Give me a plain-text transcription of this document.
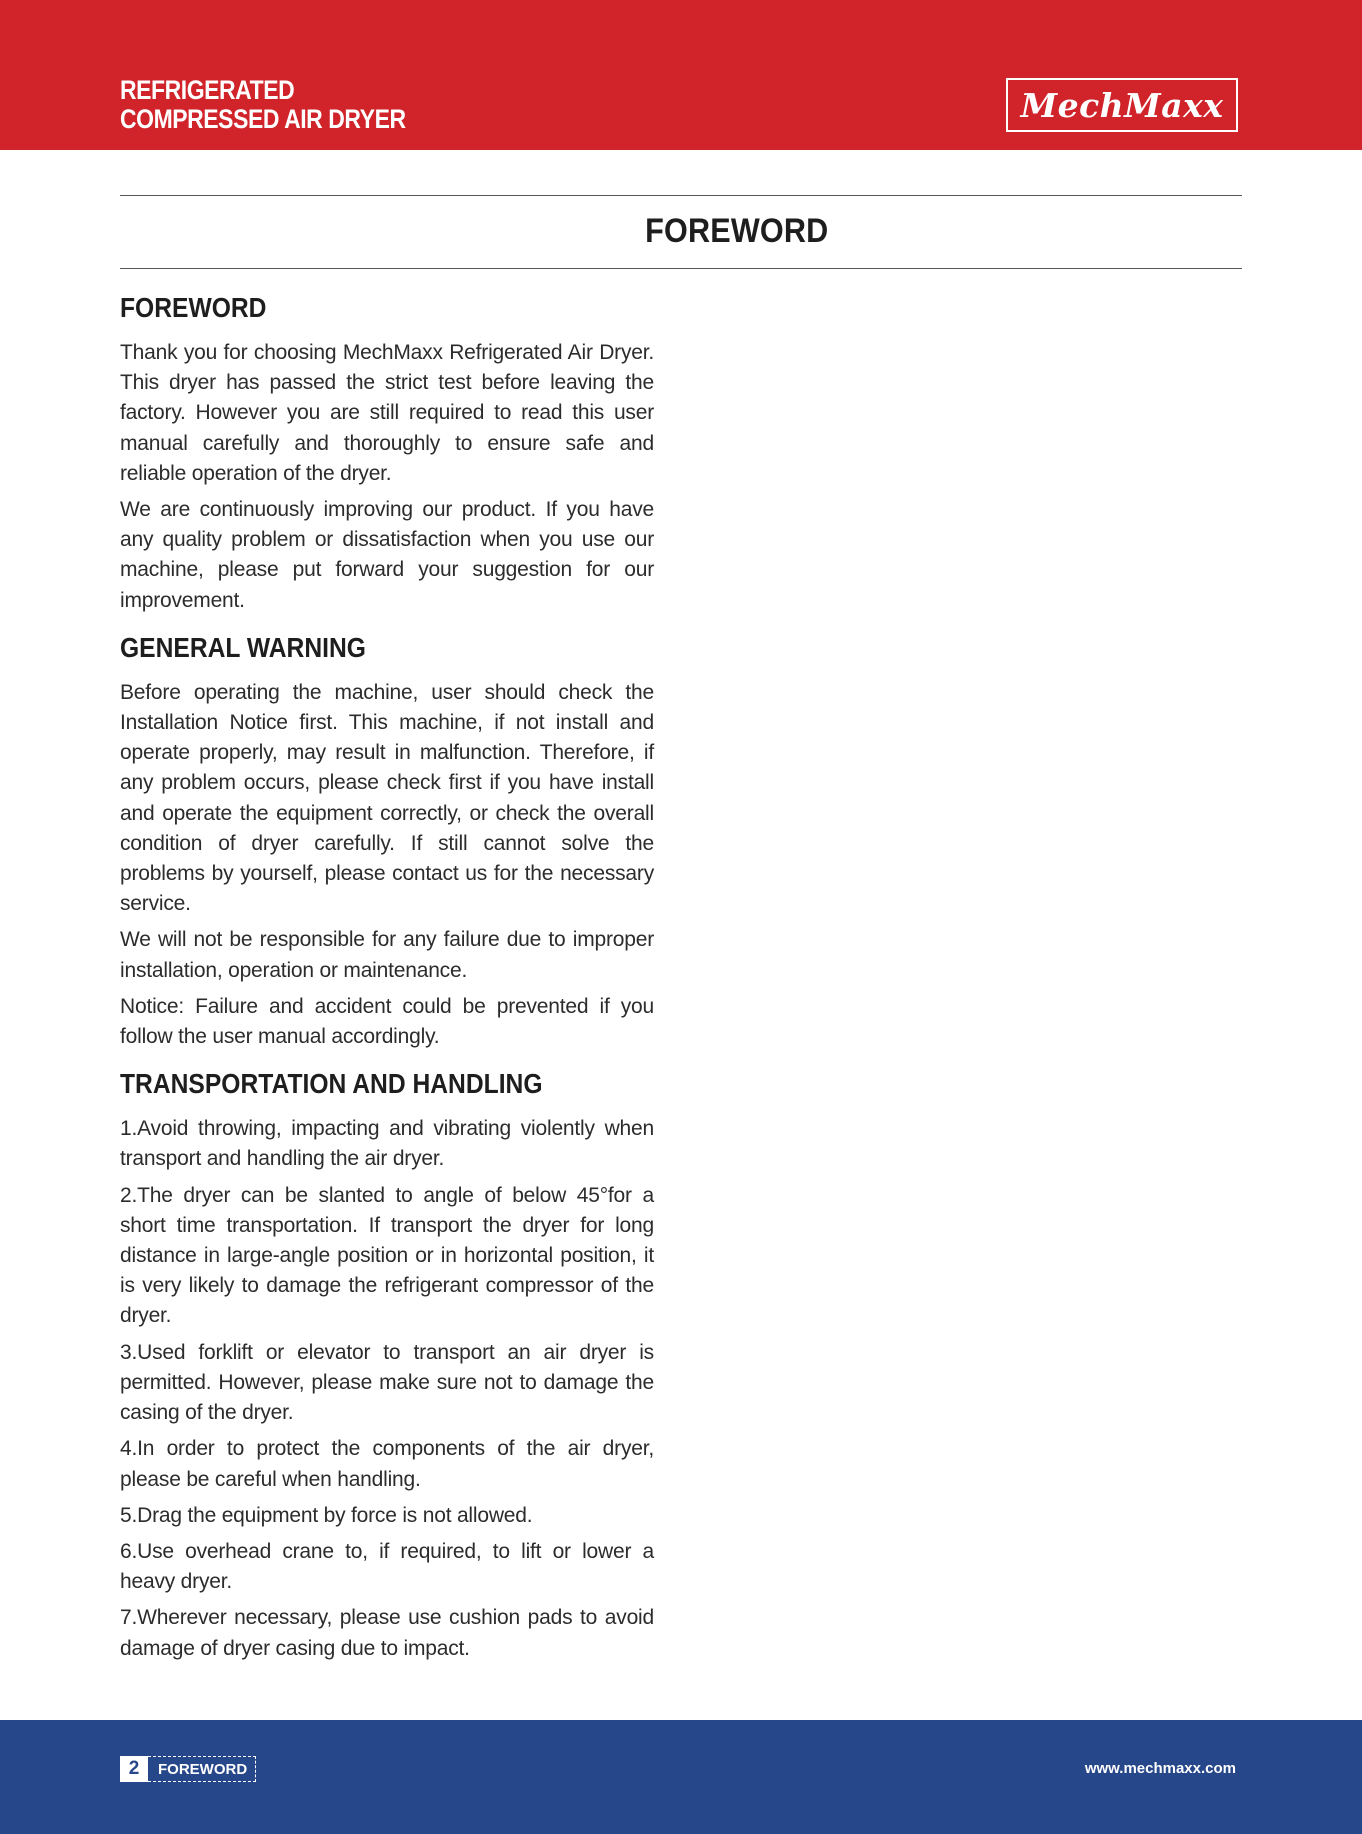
REFRIGERATED
COMPRESSED AIR DRYER	MechMaxx
FOREWORD
FOREWORD

Thank you for choosing MechMaxx Refrigerated Air Dryer. This dryer has passed the strict test before leaving the factory. However you are still required to read this user manual carefully and thoroughly to ensure safe and reliable operation of the dryer.

We are continuously improving our product. If you have any quality problem or dissatisfaction when you use our machine, please put forward your suggestion for our improvement.

GENERAL WARNING

Before operating the machine, user should check the Installation Notice first. This machine, if not install and operate properly, may result in malfunction. Therefore, if any problem occurs, please check first if you have install and operate the equipment correctly, or check the overall condition of dryer carefully. If still cannot solve the problems by yourself, please contact us for the necessary service.

We will not be responsible for any failure due to improper installation, operation or maintenance.

Notice: Failure and accident could be prevented if you follow the user manual accordingly.

TRANSPORTATION AND HANDLING

1.Avoid throwing, impacting and vibrating violently when transport and handling the air dryer.

2.The dryer can be slanted to angle of below 45°for a short time transportation. If transport the dryer for long distance in large-angle position or in horizontal position, it is very likely to damage the refrigerant compressor of the dryer.

3.Used forklift or elevator to transport an air dryer is permitted. However, please make sure not to damage the casing of the dryer.

4.In order to protect the components of the air dryer, please be careful when handling.

5.Drag the equipment by force is not allowed.

6.Use overhead crane to, if required, to lift or lower a heavy dryer.

7.Wherever necessary, please use cushion pads to avoid damage of dryer casing due to impact.

2	FOREWORD	www.mechmaxx.com
